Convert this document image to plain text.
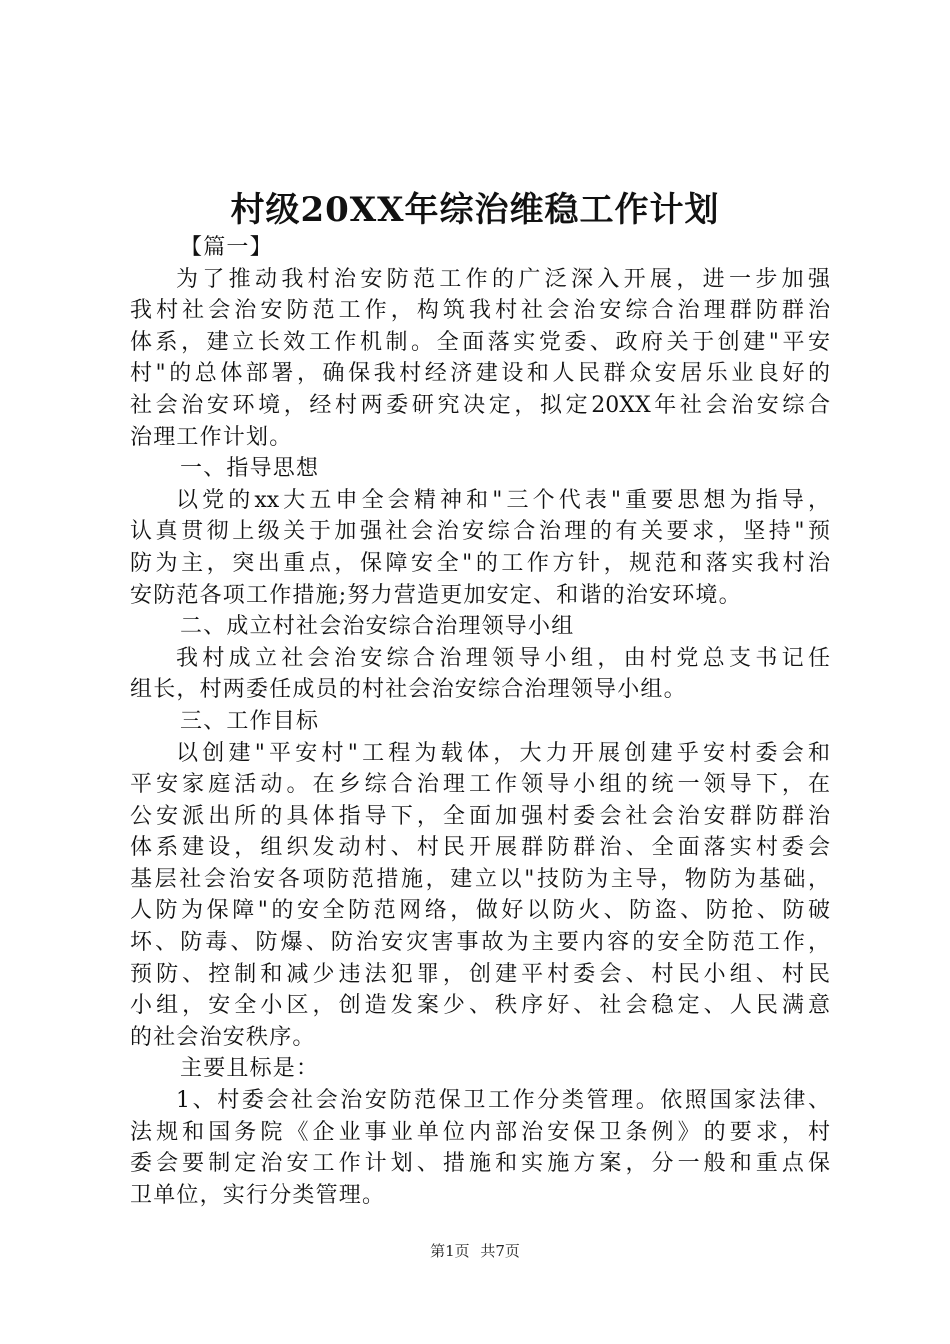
村级20XX年综治维稳工作计划
【篇一】
为了推动我村治安防范工作的广泛深入开展，进一步加强
我村社会治安防范工作，构筑我村社会治安综合治理群防群治
体系，建立长效工作机制。全面落实党委、政府关于创建"平安
村"的总体部署，确保我村经济建设和人民群众安居乐业良好的
社会治安环境，经村两委研究决定，拟定20XX年社会治安综合
治理工作计划。
一、指导思想
以党的xx大五申全会精神和"三个代表"重要思想为指导，
认真贯彻上级关于加强社会治安综合治理的有关要求，坚持"预
防为主，突出重点，保障安全"的工作方针，规范和落实我村治
安防范各项工作措施;努力营造更加安定、和谐的治安环境。
二、成立村社会治安综合治理领导小组
我村成立社会治安综合治理领导小组，由村党总支书记任
组长，村两委任成员的村社会治安综合治理领导小组。
三、工作目标
以创建"平安村"工程为载体，大力开展创建乎安村委会和
平安家庭活动。在乡综合治理工作领导小组的统一领导下，在
公安派出所的具体指导下，全面加强村委会社会治安群防群治
体系建设，组织发动村、村民开展群防群治、全面落实村委会
基层社会治安各项防范措施，建立以"技防为主导，物防为基础，
人防为保障"的安全防范网络，做好以防火、防盗、防抢、防破
坏、防毒、防爆、防治安灾害事故为主要内容的安全防范工作，
预防、控制和减少违法犯罪，创建平村委会、村民小组、村民
小组，安全小区，创造发案少、秩序好、社会稳定、人民满意
的社会治安秩序。
主要且标是：
1、村委会社会治安防范保卫工作分类管理。依照国家法律、
法规和国务院《企业事业单位内部治安保卫条例》的要求，村
委会要制定治安工作计划、措施和实施方案，分一般和重点保
卫单位，实行分类管理。
第1页 共7页
